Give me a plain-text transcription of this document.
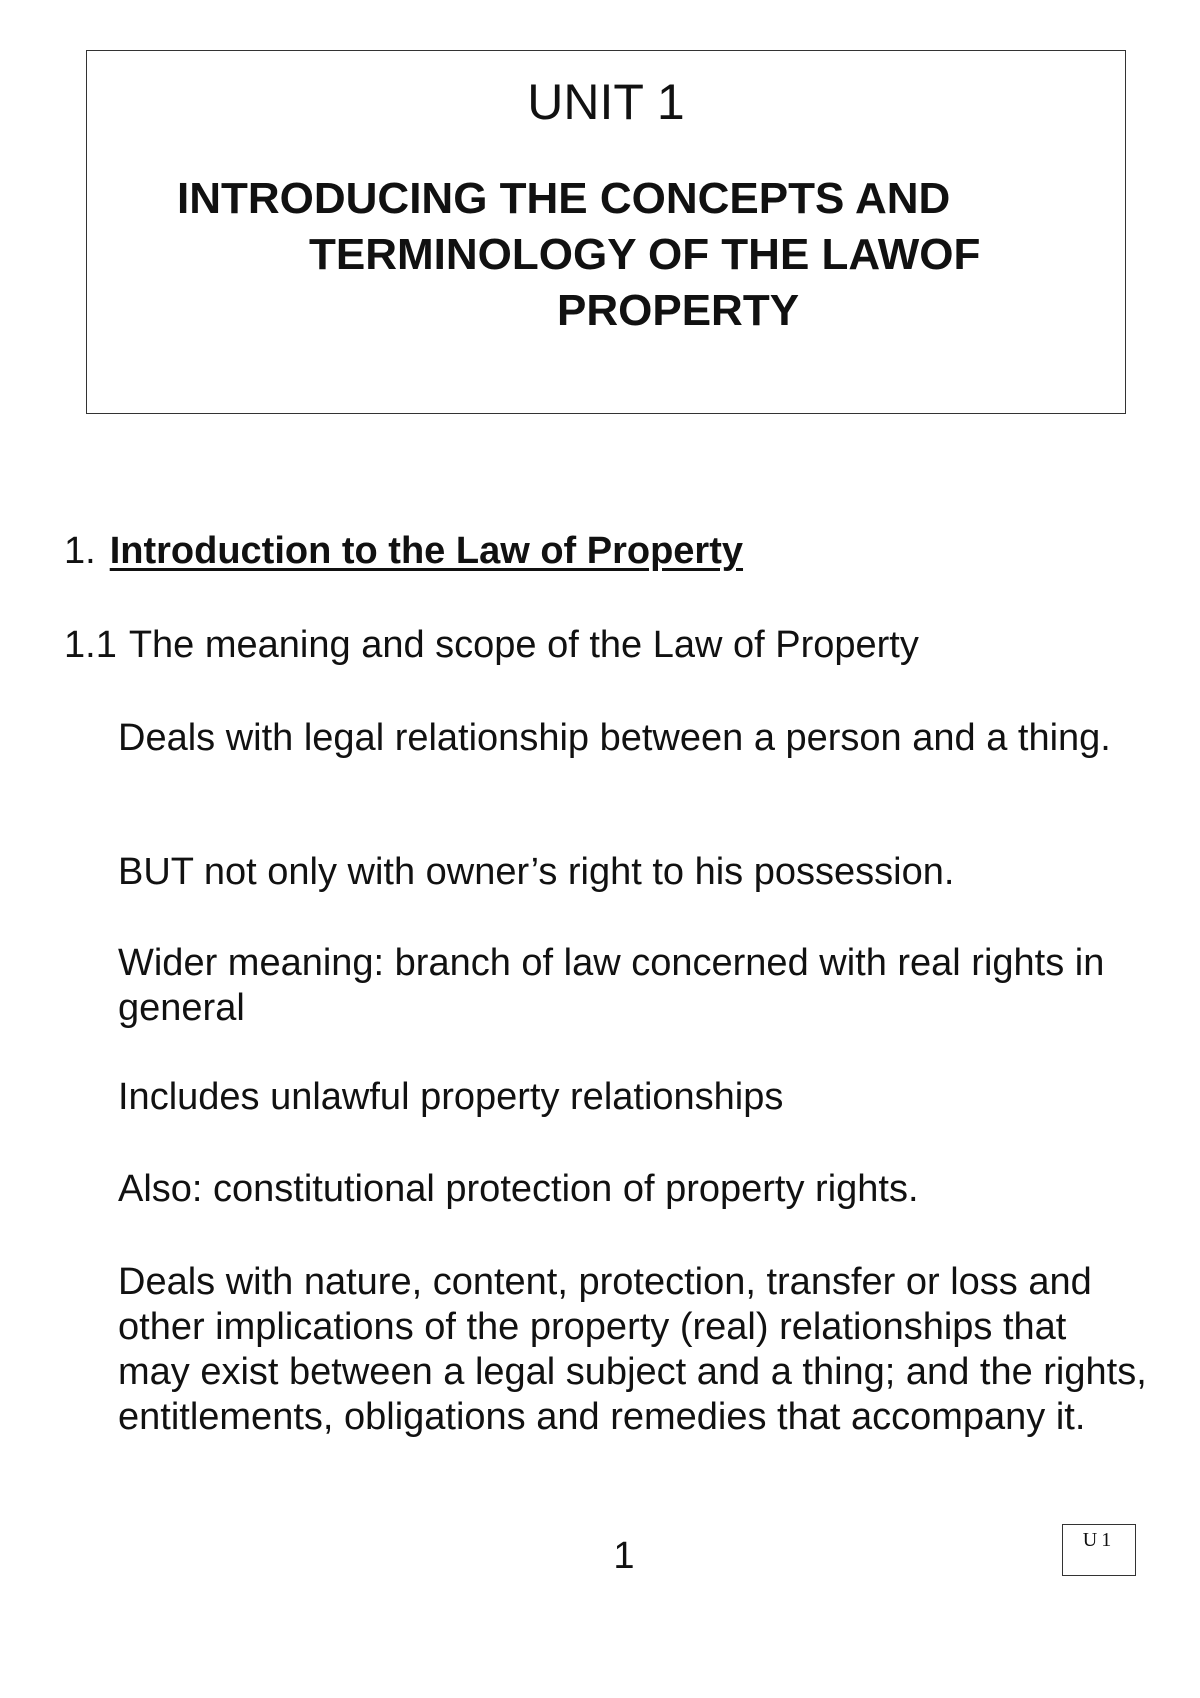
UNIT 1
INTRODUCING THE CONCEPTS AND
TERMINOLOGY OF THE LAWOF
PROPERTY
1. Introduction to the Law of Property
1.1 The meaning and scope of the Law of Property
Deals with legal relationship between a person and a thing.
BUT not only with owner’s right to his possession.
Wider meaning: branch of law concerned with real rights in general
Includes unlawful property relationships
Also: constitutional protection of property rights.
Deals with nature, content, protection, transfer or loss and other implications of the property (real) relationships that may exist between a legal subject and a thing; and the rights, entitlements, obligations and remedies that accompany it.
1	U1
